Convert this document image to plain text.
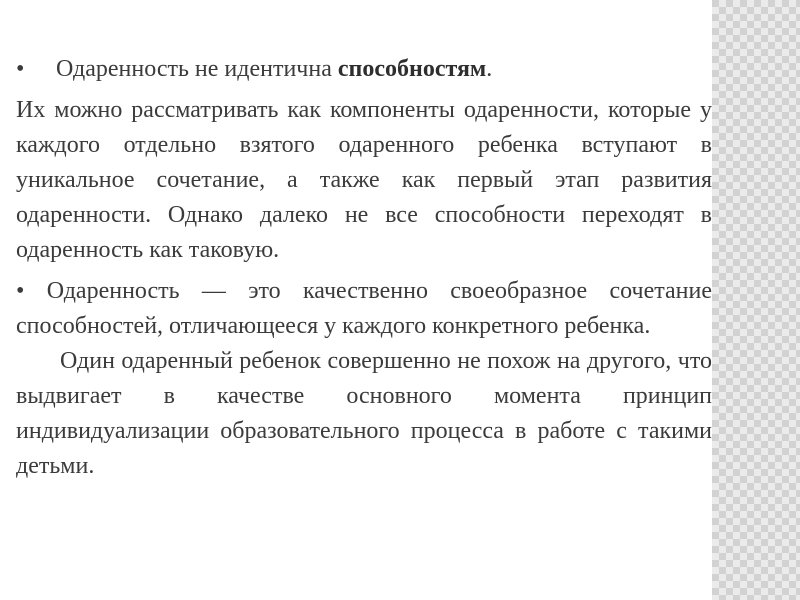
• Одаренность не идентична способностям.

Их можно рассматривать как компоненты одаренности, которые у каждого отдельно взятого одаренного ребенка вступают в уникальное сочетание, а также как первый этап развития одаренности. Однако далеко не все способности переходят в одаренность как таковую.

• Одаренность — это качественно своеобразное сочетание способностей, отличающееся у каждого конкретного ребенка.

Один одаренный ребенок совершенно не похож на другого, что выдвигает в качестве основного момента принцип индивидуализации образовательного процесса в работе с такими детьми.
